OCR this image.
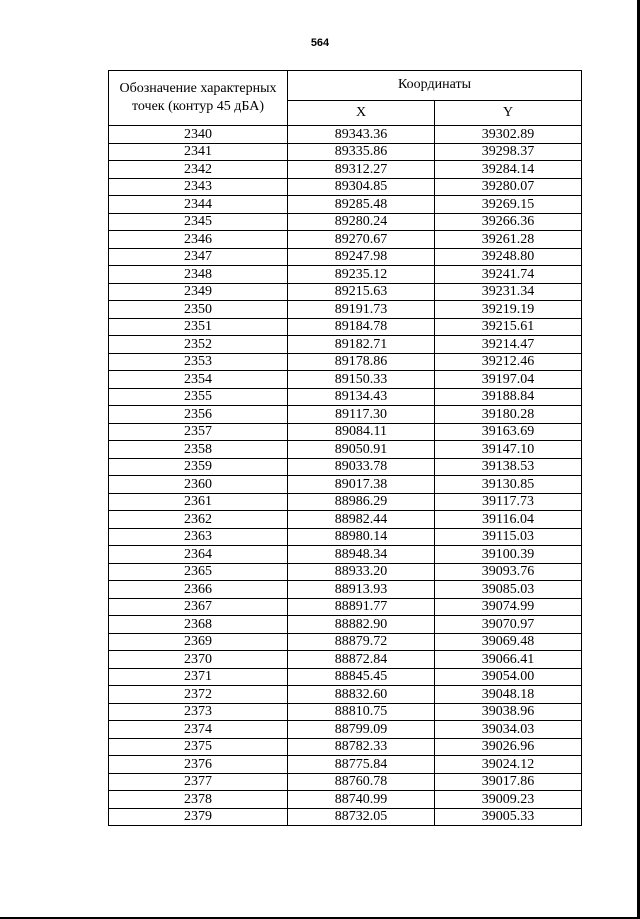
564
Обозначение характерных точек (контур 45 дБА)	Координаты	
	X	Y
2340	89343.36	39302.89
2341	89335.86	39298.37
2342	89312.27	39284.14
2343	89304.85	39280.07
2344	89285.48	39269.15
2345	89280.24	39266.36
2346	89270.67	39261.28
2347	89247.98	39248.80
2348	89235.12	39241.74
2349	89215.63	39231.34
2350	89191.73	39219.19
2351	89184.78	39215.61
2352	89182.71	39214.47
2353	89178.86	39212.46
2354	89150.33	39197.04
2355	89134.43	39188.84
2356	89117.30	39180.28
2357	89084.11	39163.69
2358	89050.91	39147.10
2359	89033.78	39138.53
2360	89017.38	39130.85
2361	88986.29	39117.73
2362	88982.44	39116.04
2363	88980.14	39115.03
2364	88948.34	39100.39
2365	88933.20	39093.76
2366	88913.93	39085.03
2367	88891.77	39074.99
2368	88882.90	39070.97
2369	88879.72	39069.48
2370	88872.84	39066.41
2371	88845.45	39054.00
2372	88832.60	39048.18
2373	88810.75	39038.96
2374	88799.09	39034.03
2375	88782.33	39026.96
2376	88775.84	39024.12
2377	88760.78	39017.86
2378	88740.99	39009.23
2379	88732.05	39005.33
